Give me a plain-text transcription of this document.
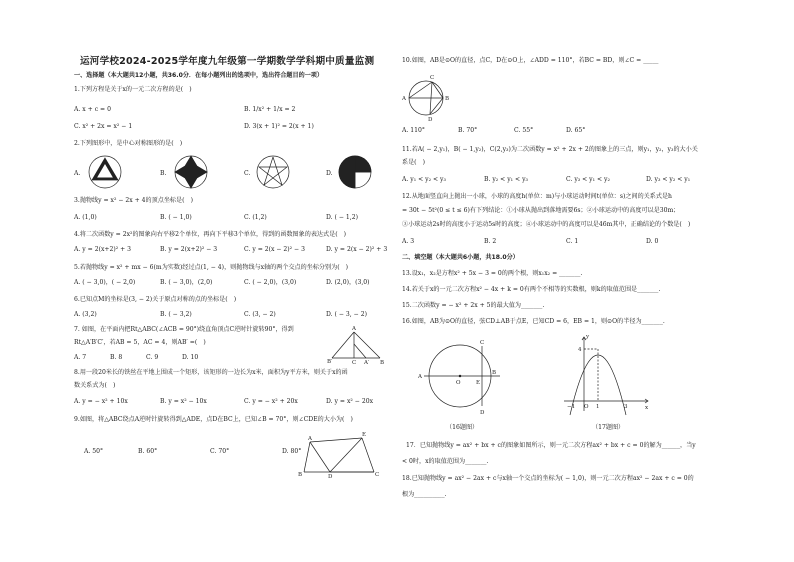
运河学校2024-2025学年度九年级第一学期数学学科期中质量监测
一、选择题（本大题共12小题，共36.0分．在每小题列出的选项中，选出符合题目的一项）
1.下列方程是关于x的一元二次方程的是(　)
A. x + c = 0	B. 1/x² + 1/x = 2
C. x² + 2x = x² − 1	D. 3(x + 1)² = 2(x + 1)
2.下列图形中，是中心对称图形的是(　)
A.	B.	C.	D.
3.抛物线y = x² − 2x + 4的顶点坐标是(　)
A. (1,0)	B. ( − 1,0)	C. (1,2)	D. ( − 1,2)
4.将二次函数y = 2x²的图象向右平移2个单位，再向下平移3个单位，得到的函数图象的表达式是(　)
A. y = 2(x+2)² + 3	B. y = 2(x+2)² − 3	C. y = 2(x − 2)² − 3	D. y = 2(x − 2)² + 3
5.若抛物线y = x² + mx − 6(m为实数)经过点(1, − 4)，则抛物线与x轴的两个交点的坐标分别为(　)
A. ( − 3,0)，( − 2,0)	B. ( − 3,0)，(2,0)	C. ( − 2,0)，(3,0)	D. (2,0)，(3,0)
6.已知点M的坐标是(3, − 2)关于原点对称的点的坐标是(　)
A. (3,2)	B. ( − 3,2)	C. (3, − 2)	D. ( − 3, − 2)
7. 如图，在平面内把Rt△ABC(∠ACB = 90°)绕直角顶点C逆时针旋转90°，得到
Rt△A′B′C′，若AB = 5，AC = 4，则AB′ =(　)
A. 7	B. 8	C. 9	D. 10
A
B′	C A′ B
8.用一段20米长的铁丝在平地上围成一个矩形，该矩形的一边长为x米，面积为y平方米，则关于x的函
数关系式为(　)
A. y = − x² + 10x	B. y = x² − 10x	C. y = − x² + 20x	D. y = x² − 20x
9.如图，将△ABC绕点A逆时针旋转得到△ADE，点D在BC上，已知∠B = 70°，则∠CDE的大小为(　)
A. 50°	B. 60°	C. 70°	D. 80°
A
E
B	D	C
10.如图，AB是⊙O的直径，点C，D在⊙O上，∠ADD = 110°，若BC = BD，则∠C = _____
C
A	B
D
A. 110°	B. 70°	C. 55°	D. 65°
11.若A( − 2,y₁)，B( − 1,y₂)，C(2,y₃)为二次函数y = x² + 2x + 2的图象上的三点，则y₁，y₂，y₃的大小关
系是(　)
A. y₁ < y₂ < y₃	B. y₂ < y₁ < y₃	C. y₃ < y₁ < y₂	D. y₃ < y₂ < y₁
12.从地面竖直向上抛出一小球，小球的高度h(单位：m)与小球运动时间t(单位：s)之间的关系式是h
= 30t − 5t²(0 ≤ t ≤ 6)有下列结论：①小球从抛出到落地需要6s；②小球运动中的高度可以是30m；
③小球运动2s时的高度小于运动5s时的高度；④小球运动中的高度可以是46m其中，正确结论的个数是(　)
A. 3	B. 2	C. 1	D. 0
二、填空题（本大题共6小题，共18.0分）
13.设x₁，x₂是方程x² + 5x − 3 = 0的两个根，则x₁x₂ = _______.
14.若关于x的一元二次方程x² − 4x + k = 0有两个不相等的实数根，则k的取值范围是_______.
15.二次函数y = − x² + 2x + 5的最大值为_______.
16.如图，AB为⊙O的直径，弦CD⊥AB于点E，已知CD = 6，EB = 1，则⊙O的半径为_______.
C
A
O	E
B
D
（16题图）
y
x
4
−1 O 1	3
（17题图）
17．已知抛物线y = ax² + bx + c的图象如图所示，则一元二次方程ax² + bx + c = 0的解为______，当y
< 0时，x的取值范围为_______.
18.已知抛物线y = ax² − 2ax + c与x轴一个交点的坐标为( − 1,0)，则一元二次方程ax² − 2ax + c = 0的
根为__________.
